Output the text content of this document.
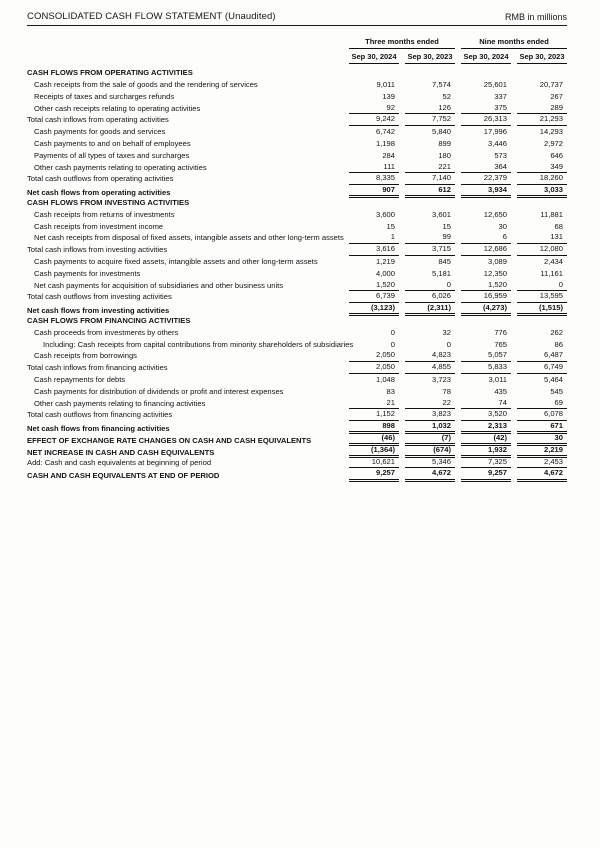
CONSOLIDATED CASH FLOW STATEMENT (Unaudited)	RMB in millions
Three months ended	Nine months ended
Sep 30, 2024	Sep 30, 2023	Sep 30, 2024	Sep 30, 2023
CASH FLOWS FROM OPERATING ACTIVITIES
Cash receipts from the sale of goods and the rendering of services	9,011	7,574	25,601	20,737
Receipts of taxes and surcharges refunds	139	52	337	267
Other cash receipts relating to operating activities	92	126	375	289
Total cash inflows from operating activities	9,242	7,752	26,313	21,293
Cash payments for goods and services	6,742	5,840	17,996	14,293
Cash payments to and on behalf of employees	1,198	899	3,446	2,972
Payments of all types of taxes and surcharges	284	180	573	646
Other cash payments relating to operating activities	111	221	364	349
Total cash outflows from operating activities	8,335	7,140	22,379	18,260
Net cash flows from operating activities	907	612	3,934	3,033
CASH FLOWS FROM INVESTING ACTIVITIES
Cash receipts from returns of investments	3,600	3,601	12,650	11,881
Cash receipts from investment income	15	15	30	68
Net cash receipts from disposal of fixed assets, intangible assets and other long-term assets	1	99	6	131
Total cash inflows from investing activities	3,616	3,715	12,686	12,080
Cash payments to acquire fixed assets, intangible assets and other long-term assets	1,219	845	3,089	2,434
Cash payments for investments	4,000	5,181	12,350	11,161
Net cash payments for acquisition of subsidiaries and other business units	1,520	0	1,520	0
Total cash outflows from investing activities	6,739	6,026	16,959	13,595
Net cash flows from investing activities	(3,123)	(2,311)	(4,273)	(1,515)
CASH FLOWS FROM FINANCING ACTIVITIES
Cash proceeds from investments by others	0	32	776	262
Including: Cash receipts from capital contributions from minority shareholders of subsidiaries	0	0	765	86
Cash receipts from borrowings	2,050	4,823	5,057	6,487
Total cash inflows from financing activities	2,050	4,855	5,833	6,749
Cash repayments for debts	1,048	3,723	3,011	5,464
Cash payments for distribution of dividends or profit and interest expenses	83	78	435	545
Other cash payments relating to financing activities	21	22	74	69
Total cash outflows from financing activities	1,152	3,823	3,520	6,078
Net cash flows from financing activities	898	1,032	2,313	671
EFFECT OF EXCHANGE RATE CHANGES ON CASH AND CASH EQUIVALENTS	(46)	(7)	(42)	30
NET INCREASE IN CASH AND CASH EQUIVALENTS	(1,364)	(674)	1,932	2,219
Add: Cash and cash equivalents at beginning of period	10,621	5,346	7,325	2,453
CASH AND CASH EQUIVALENTS AT END OF PERIOD	9,257	4,672	9,257	4,672
